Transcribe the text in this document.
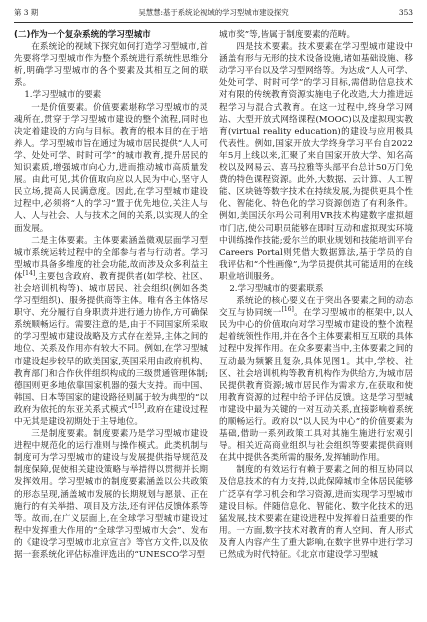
第 3 期	吴慧慧:基于系统论视域的学习型城市建设探究	353
(二)作为一个复杂系统的学习型城市

在系统论的视域下探究如何打造学习型城市,首先要将学习型城市作为整个系统进行系统性思维分析,明确学习型城市的各个要素及其相互之间的联系。

1.学习型城市的要素

一是价值要素。价值要素堪称学习型城市的灵魂所在,贯穿于学习型城市建设的整个流程,同时也决定着建设的方向与目标。教育的根本目的在于培养人。学习型城市旨在通过为城市居民提供“人人可学、处处可学、时时可学”的城市教育,提升居民的知识素质,增强城市向心力,进而推动城市高质量发展。由此可见,其价值取向应以人民为中心,坚守人民立场,提高人民满意度。因此,在学习型城市建设过程中,必须将“人的学习”置于优先地位,关注人与人、人与社会、人与技术之间的关系,以实现人的全面发展。

二是主体要素。主体要素涵盖微观层面学习型城市系统运转过程中的全部参与者与行动者。学习型城市具备多维度的社会功能,故而涉及众多利益主体[14],主要包含政府、教育提供者(如学校、社区、社会培训机构等)、城市居民、社会组织(例如各类学习型组织)、服务提供商等主体。唯有各主体恪尽职守、充分履行自身职责并进行通力协作,方可确保系统顺畅运行。需要注意的是,由于不同国家所采取的学习型城市建设战略及方式存在差异,主体之间的地位、关系及作用亦有较大不同。例如,在学习型城市建设起步较早的欧美国家,英国采用由政府机构、教育部门和合作伙伴组织构成的三级贯通管理体制;德国则更多地依靠国家机器的强大支持。而中国、韩国、日本等国家的建设路径则属于较为典型的“以政府为依托的东亚关系式模式”[15],政府在建设过程中无其是建设初期处于主导地位。

三是制度要素。制度要素乃是学习型城市建设进程中规范化的运行准则与操作模式。此类机制与制度可为学习型城市的建设与发展提供指导规范及制度保障,促使相关建设策略与举措得以贯彻并长期发挥效用。学习型城市的制度要素涵盖以公共政策的形态呈现,涵盖城市发展的长期规划与愿景、正在施行的有关举措、项目及方法,还有评估反馈体系等等。故而,在广义层面上,在全球学习型城市建设过程中发挥重大作用的“全球学习型城市大会”、发布的《建设学习型城市北京宣言》等官方文件,以及依据一套系统化评估标准评选出的“UNESCO学习型

城市奖”等,皆属于制度要素的范畴。

四是技术要素。技术要素在学习型城市建设中涵盖有形与无形的技术设备设施,诸如基础设施、移动学习平台以及学习型网络等。为达成“人人可学、处处可学、时时可学”的学习目标,需借助信息技术对有限的传统教育资源实施电子化改造,大力推进远程学习与混合式教育。在这一过程中,终身学习网站、大型开放式网络课程(MOOC)以及虚拟现实教育(virtual reality education)的建设与应用极具代表性。例如,国家开放大学终身学习平台自2022年5月上线以来,汇聚了来自国家开放大学、知名高校以及网易云、喜马拉雅等头部平台总计50万门免费的特色课程资源。此外,大数据、云计算、人工智能、区块链等数字技术在持续发展,为提供更具个性化、智能化、特色化的学习资源创造了有利条件。例如,美国沃尔玛公司利用VR技术构建数字虚拟超市门店,使公司职员能够在即时互动和虚拟现实环境中训练操作技能;爱尔兰的职业规划和技能培训平台Careers Portal则凭借大数据算法,基于学员的自我评估和“个性画像”,为学员提供其可能适用的在线职业培训服务。

2.学习型城市的要素联系

系统论的核心要义在于突出各要素之间的动态交互与协同统一[16]。在学习型城市的框架中,以人民为中心的价值取向对学习型城市建设的整个流程起着统领性作用,并在各个主体要素相互互联的具体过程中发挥作用。在众多要素当中,主体要素之间的互动最为频繁且复杂,具体见图1。其中,学校、社区、社会培训机构等教育机构作为供给方,为城市居民提供教育资源;城市居民作为需求方,在获取和使用教育资源的过程中给予评估反馈。这是学习型城市建设中最为关键的一对互动关系,直接影响着系统的顺畅运行。政府以“以人民为中心”的价值要素为基础,借助一系列政策工具对其施生施进行宏观引导。相关近高商业组织与社会组织等要素提供商则在其中提供各类所需的服务,发挥辅助作用。

制度的有效运行有赖于要素之间的相互协同以及信息技术的有力支持,以此保障城市全体居民能够广泛享有学习机会和学习资源,进而实现学习型城市建设目标。伴随信息化、智能化、数字化技术的迅猛发展,技术要素在建设进程中发挥着日益重要的作用。一方面,数字技术对教育的育人空间、育人形式及育人内容产生了重大影响,在数字世界中进行学习已然成为时代特征。《北京市建设学习型城
